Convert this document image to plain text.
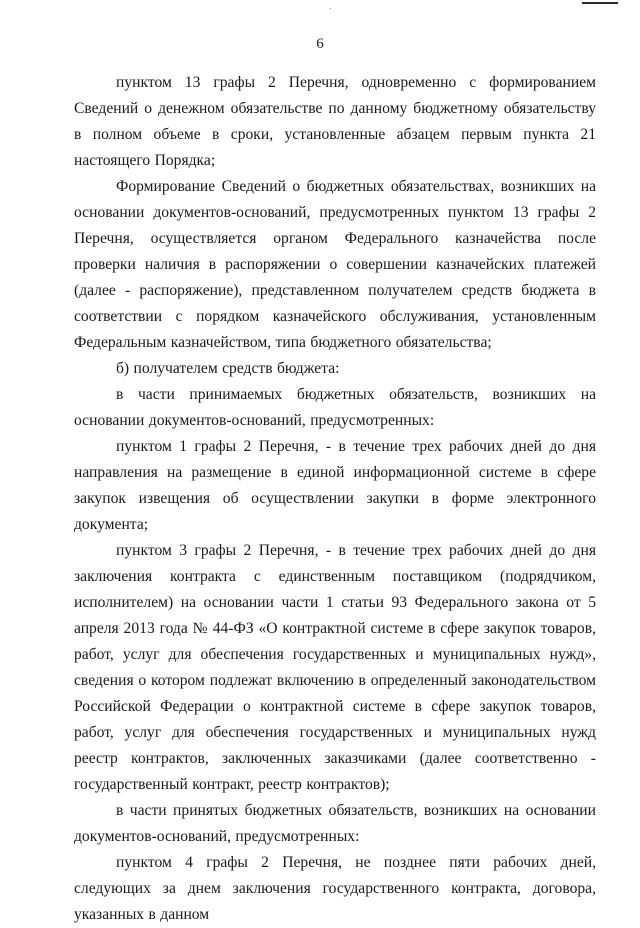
6

пунктом 13 графы 2 Перечня, одновременно с формированием Сведений о денежном обязательстве по данному бюджетному обязательству в полном объеме в сроки, установленные абзацем первым пункта 21 настоящего Порядка;

Формирование Сведений о бюджетных обязательствах, возникших на основании документов-оснований, предусмотренных пунктом 13 графы 2 Перечня, осуществляется органом Федерального казначейства после проверки наличия в распоряжении о совершении казначейских платежей (далее - распоряжение), представленном получателем средств бюджета в соответствии с порядком казначейского обслуживания, установленным Федеральным казначейством, типа бюджетного обязательства;

б) получателем средств бюджета:

в части принимаемых бюджетных обязательств, возникших на основании документов-оснований, предусмотренных:

пунктом 1 графы 2 Перечня, - в течение трех рабочих дней до дня направления на размещение в единой информационной системе в сфере закупок извещения об осуществлении закупки в форме электронного документа;

пунктом 3 графы 2 Перечня, - в течение трех рабочих дней до дня заключения контракта с единственным поставщиком (подрядчиком, исполнителем) на основании части 1 статьи 93 Федерального закона от 5 апреля 2013 года № 44-ФЗ «О контрактной системе в сфере закупок товаров, работ, услуг для обеспечения государственных и муниципальных нужд», сведения о котором подлежат включению в определенный законодательством Российской Федерации о контрактной системе в сфере закупок товаров, работ, услуг для обеспечения государственных и муниципальных нужд реестр контрактов, заключенных заказчиками (далее соответственно - государственный контракт, реестр контрактов);

в части принятых бюджетных обязательств, возникших на основании документов-оснований, предусмотренных:

пунктом 4 графы 2 Перечня, не позднее пяти рабочих дней, следующих за днем заключения государственного контракта, договора, указанных в данном
